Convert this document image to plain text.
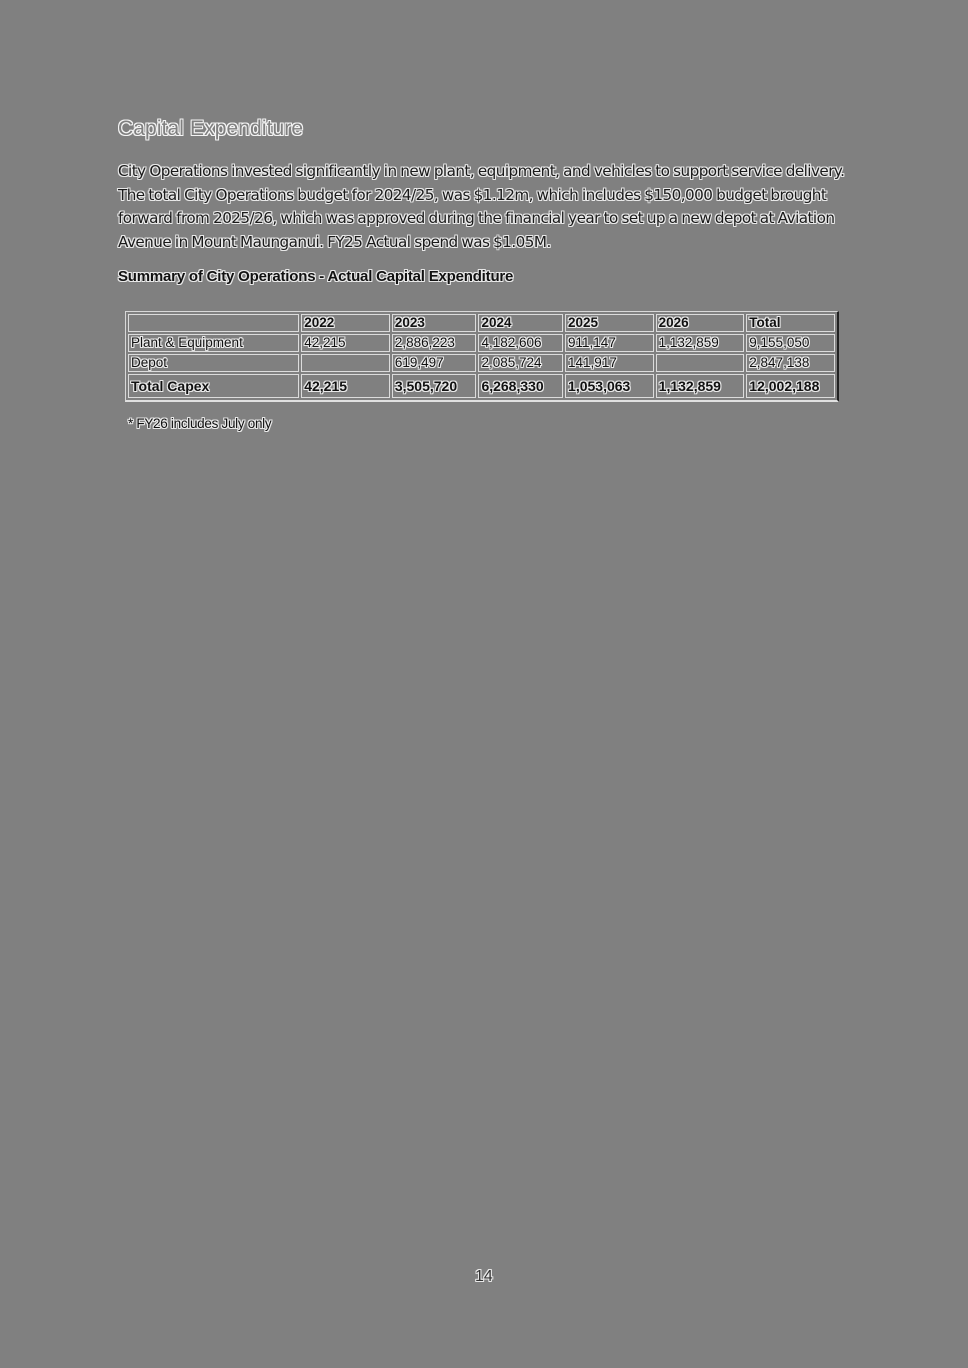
Capital Expenditure

City Operations invested significantly in new plant, equipment, and vehicles to support service delivery. The total City Operations budget for 2024/25, was $1.12m, which includes $150,000 budget brought forward from 2025/26, which was approved during the financial year to set up a new depot at Aviation Avenue in Mount Maunganui. FY25 Actual spend was $1.05M.

Summary of City Operations - Actual Capital Expenditure
	2022	2023	2024	2025	2026	Total
Plant & Equipment	42,215	2,886,223	4,182,606	911,147	1,132,859	9,155,050
Depot		619,497	2,085,724	141,917		2,847,138
Total Capex	42,215	3,505,720	6,268,330	1,053,063	1,132,859	12,002,188

* FY26 includes July only

14
